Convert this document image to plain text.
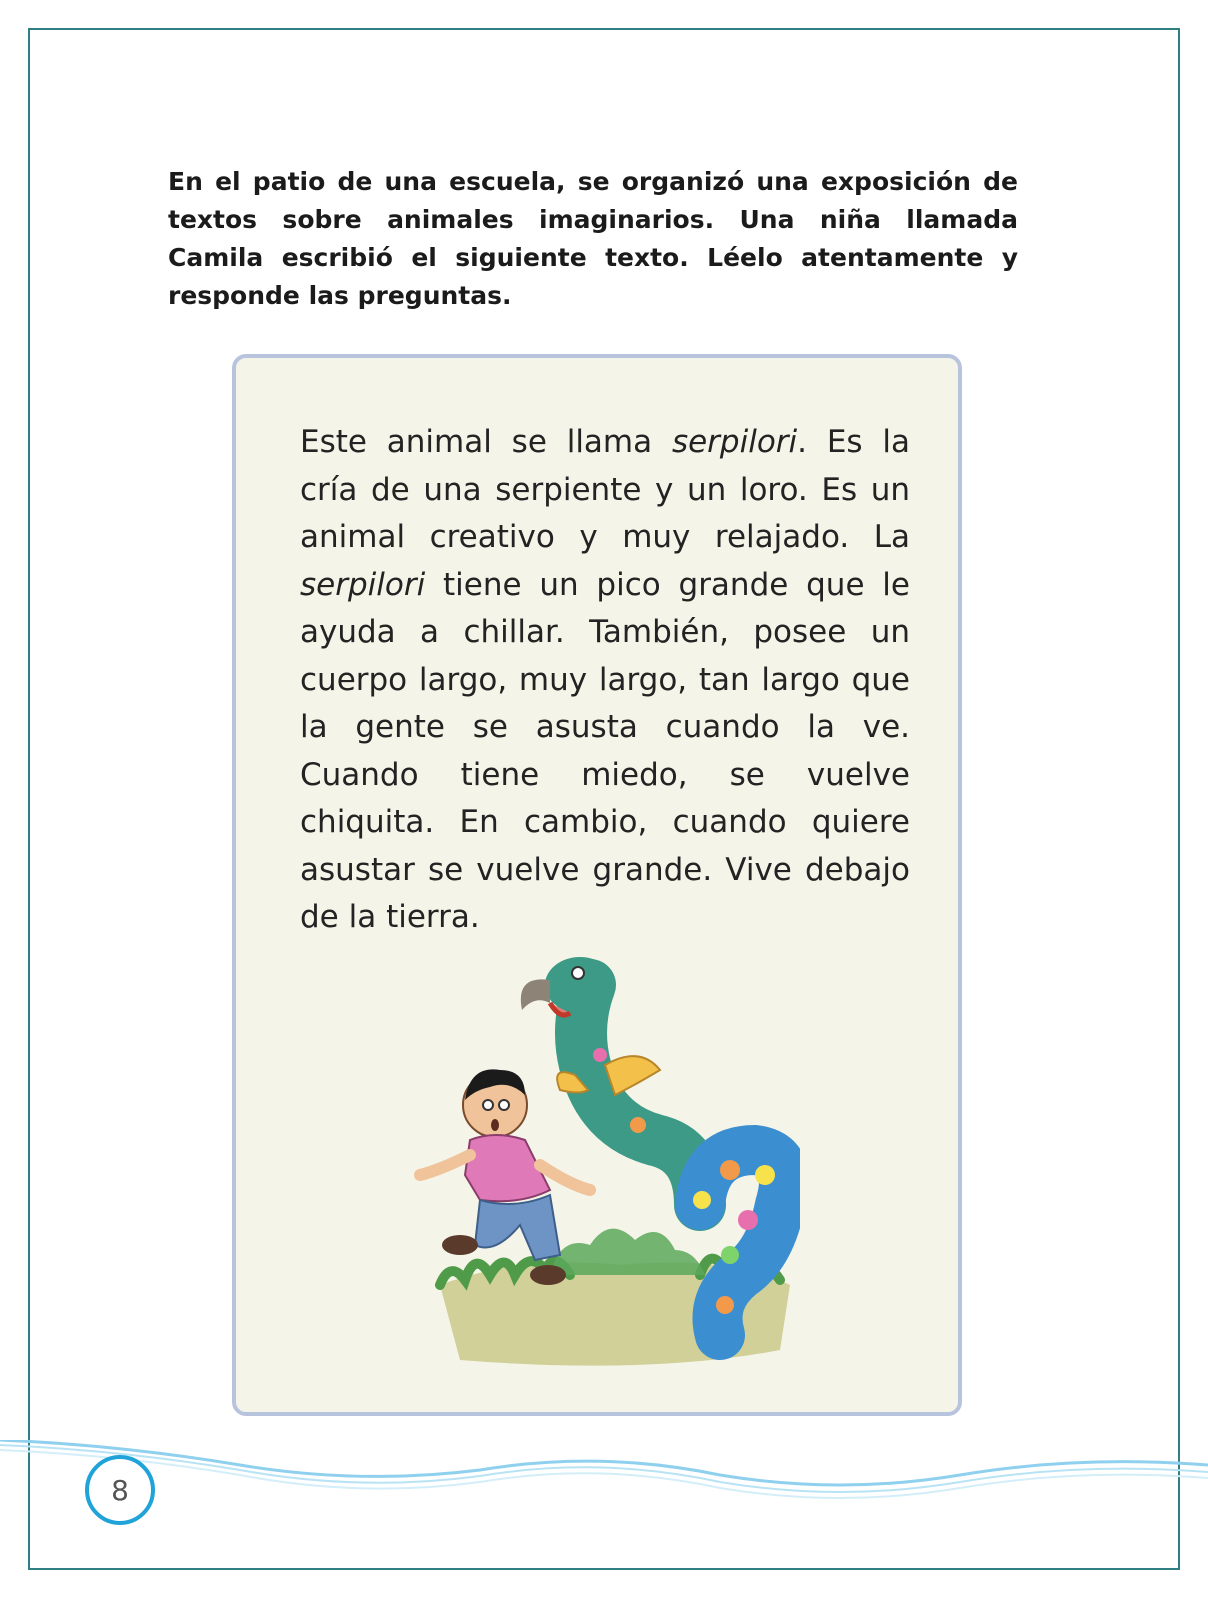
En el patio de una escuela, se organizó una exposición de textos sobre animales imaginarios. Una niña llamada Camila escribió el siguiente texto. Léelo atentamente y responde las preguntas.

Este animal se llama serpilori. Es la cría de una serpiente y un loro. Es un animal creativo y muy relajado. La serpilori tiene un pico grande que le ayuda a chillar. También, posee un cuerpo largo, muy largo, tan largo que la gente se asusta cuando la ve. Cuando tiene miedo, se vuelve chiquita. En cambio, cuando quiere asustar se vuelve grande. Vive debajo de la tierra.

8
